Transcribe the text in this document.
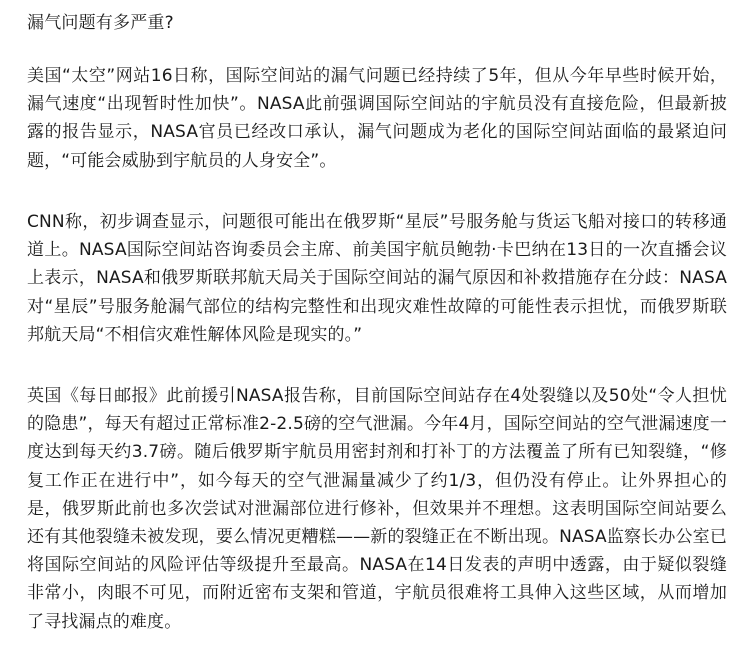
漏气问题有多严重?

美国“太空”网站16日称，国际空间站的漏气问题已经持续了5年，但从今年早些时候开始，漏气速度“出现暂时性加快”。NASA此前强调国际空间站的宇航员没有直接危险，但最新披露的报告显示，NASA官员已经改口承认，漏气问题成为老化的国际空间站面临的最紧迫问题，“可能会威胁到宇航员的人身安全”。

CNN称，初步调查显示，问题很可能出在俄罗斯“星辰”号服务舱与货运飞船对接口的转移通道上。NASA国际空间站咨询委员会主席、前美国宇航员鲍勃·卡巴纳在13日的一次直播会议上表示，NASA和俄罗斯联邦航天局关于国际空间站的漏气原因和补救措施存在分歧：NASA对“星辰”号服务舱漏气部位的结构完整性和出现灾难性故障的可能性表示担忧，而俄罗斯联邦航天局“不相信灾难性解体风险是现实的。”

英国《每日邮报》此前援引NASA报告称，目前国际空间站存在4处裂缝以及50处“令人担忧的隐患”，每天有超过正常标准2-2.5磅的空气泄漏。今年4月，国际空间站的空气泄漏速度一度达到每天约3.7磅。随后俄罗斯宇航员用密封剂和打补丁的方法覆盖了所有已知裂缝，“修复工作正在进行中”，如今每天的空气泄漏量减少了约1/3，但仍没有停止。让外界担心的是，俄罗斯此前也多次尝试对泄漏部位进行修补，但效果并不理想。这表明国际空间站要么还有其他裂缝未被发现，要么情况更糟糕——新的裂缝正在不断出现。NASA监察长办公室已将国际空间站的风险评估等级提升至最高。NASA在14日发表的声明中透露，由于疑似裂缝非常小，肉眼不可见，而附近密布支架和管道，宇航员很难将工具伸入这些区域，从而增加了寻找漏点的难度。
